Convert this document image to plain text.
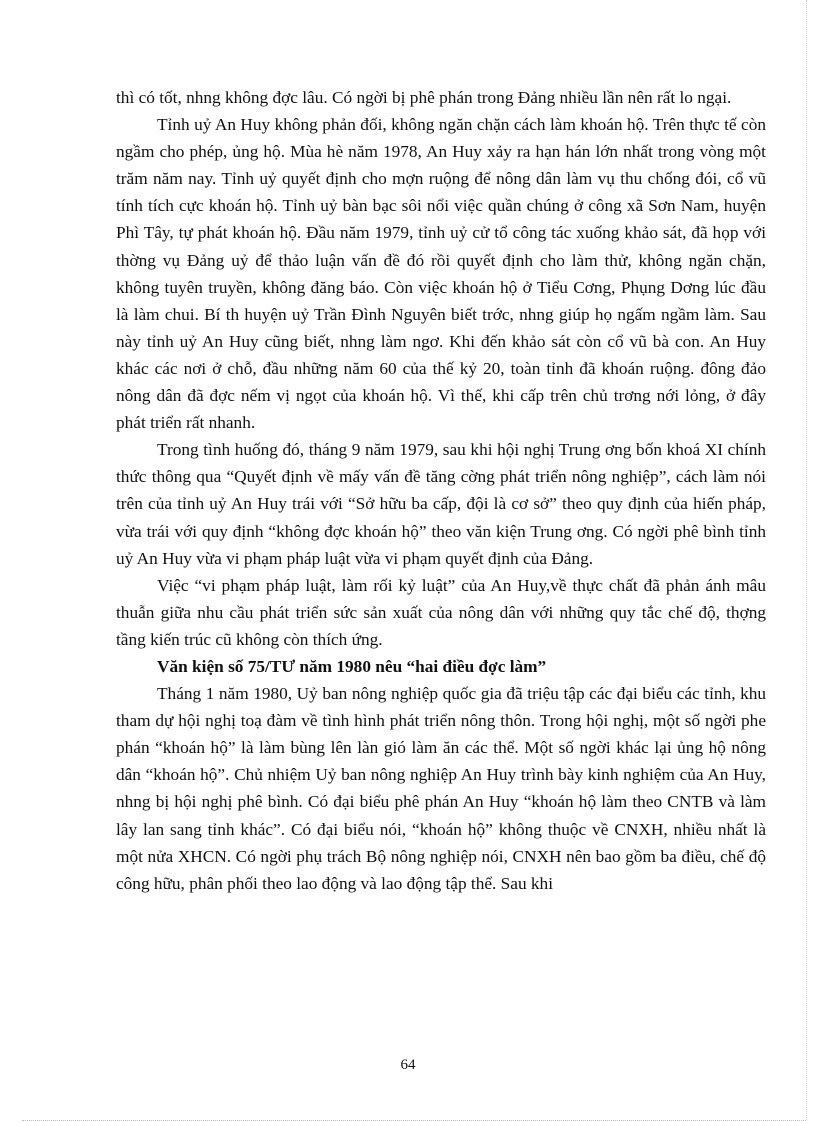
thì có tốt, nhng không đợc lâu. Có ngời bị phê phán trong Đảng nhiều lần nên rất lo ngại.

Tỉnh uỷ An Huy không phản đối, không ngăn chặn cách làm khoán hộ. Trên thực tế còn ngầm cho phép, ủng hộ. Mùa hè năm 1978, An Huy xảy ra hạn hán lớn nhất trong vòng một trăm năm nay. Tỉnh uỷ quyết định cho mợn ruộng để nông dân làm vụ thu chống đói, cổ vũ tính tích cực khoán hộ. Tỉnh uỷ bàn bạc sôi nổi việc quần chúng ở công xã Sơn Nam, huyện Phì Tây, tự phát khoán hộ. Đầu năm 1979, tỉnh uỷ cử tổ công tác xuống khảo sát, đã họp với thờng vụ Đảng uỷ để thảo luận vấn đề đó rồi quyết định cho làm thử, không ngăn chặn, không tuyên truyền, không đăng báo. Còn việc khoán hộ ở Tiểu Cơng, Phụng Dơng lúc đầu là làm chui. Bí th huyện uỷ Trần Đình Nguyên biết trớc, nhng giúp họ ngấm ngầm làm. Sau này tỉnh uỷ An Huy cũng biết, nhng làm ngơ. Khi đến khảo sát còn cổ vũ bà con. An Huy khác các nơi ở chỗ, đầu những năm 60 của thế kỷ 20, toàn tỉnh đã khoán ruộng. đông đảo nông dân đã đợc nếm vị ngọt của khoán hộ. Vì thế, khi cấp trên chủ trơng nới lỏng, ở đây phát triển rất nhanh.

Trong tình huống đó, tháng 9 năm 1979, sau khi hội nghị Trung ơng bốn khoá XI chính thức thông qua “Quyết định về mấy vấn đề tăng cờng phát triển nông nghiệp”, cách làm nói trên của tỉnh uỷ An Huy trái với “Sở hữu ba cấp, đội là cơ sở” theo quy định của hiến pháp, vừa trái với quy định “không đợc khoán hộ” theo văn kiện Trung ơng. Có ngời phê bình tỉnh uỷ An Huy vừa vi phạm pháp luật vừa vi phạm quyết định của Đảng.

Việc “vi phạm pháp luật, làm rối kỷ luật” của An Huy,về thực chất đã phản ánh mâu thuẫn giữa nhu cầu phát triển sức sản xuất của nông dân với những quy tắc chế độ, thợng tầng kiến trúc cũ không còn thích ứng.

Văn kiện số 75/TƯ năm 1980 nêu “hai điều đợc làm”

Tháng 1 năm 1980, Uỷ ban nông nghiệp quốc gia đã triệu tập các đại biểu các tỉnh, khu tham dự hội nghị toạ đàm về tình hình phát triển nông thôn. Trong hội nghị, một số ngời phe phán “khoán hộ” là làm bùng lên làn gió làm ăn các thể. Một số ngời khác lại ủng hộ nông dân “khoán hộ”. Chủ nhiệm Uỷ ban nông nghiệp An Huy trình bày kinh nghiệm của An Huy, nhng bị hội nghị phê bình. Có đại biểu phê phán An Huy “khoán hộ làm theo CNTB và làm lây lan sang tỉnh khác”. Có đại biểu nói, “khoán hộ” không thuộc về CNXH, nhiều nhất là một nửa XHCN. Có ngời phụ trách Bộ nông nghiệp nói, CNXH nên bao gồm ba điều, chế độ công hữu, phân phối theo lao động và lao động tập thể. Sau khi

64
